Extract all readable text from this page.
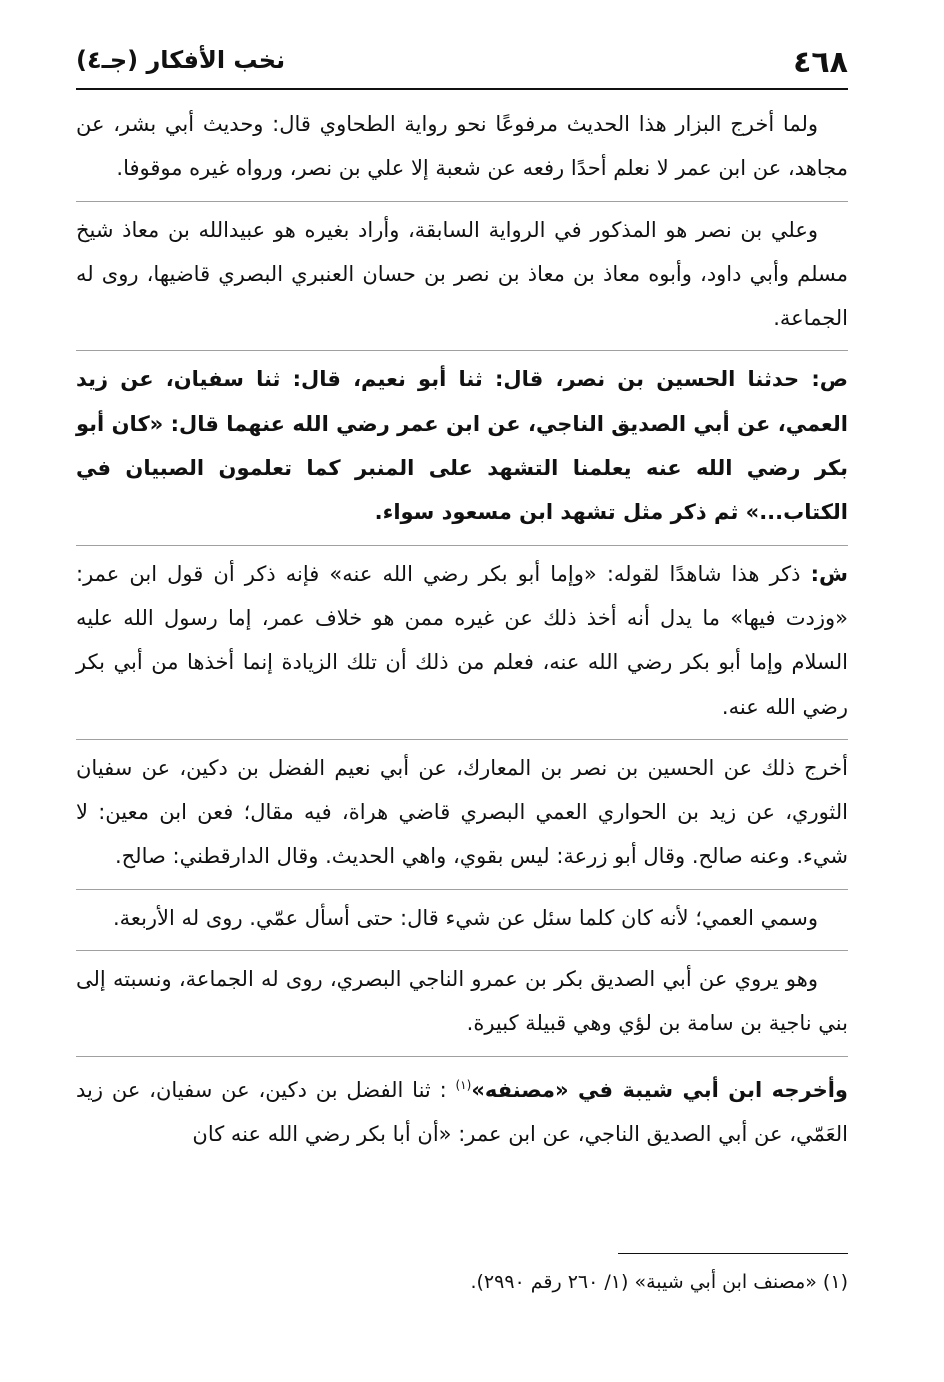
٤٦٨
نخب الأفكار (جـ٤)

ولما أخرج البزار هذا الحديث مرفوعًا نحو رواية الطحاوي قال: وحديث أبي بشر، عن مجاهد، عن ابن عمر لا نعلم أحدًا رفعه عن شعبة إلا علي بن نصر، ورواه غيره موقوفا.

وعلي بن نصر هو المذكور في الرواية السابقة، وأراد بغيره هو عبيدالله بن معاذ شيخ مسلم وأبي داود، وأبوه معاذ بن معاذ بن نصر بن حسان العنبري البصري قاضيها، روى له الجماعة.

ص: حدثنا الحسين بن نصر، قال: ثنا أبو نعيم، قال: ثنا سفيان، عن زيد العمي، عن أبي الصديق الناجي، عن ابن عمر رضي الله عنهما قال: «كان أبو بكر رضي الله عنه يعلمنا التشهد على المنبر كما تعلمون الصبيان في الكتاب...» ثم ذكر مثل تشهد ابن مسعود سواء.

ش: ذكر هذا شاهدًا لقوله: «وإما أبو بكر رضي الله عنه» فإنه ذكر أن قول ابن عمر: «وزدت فيها» ما يدل أنه أخذ ذلك عن غيره ممن هو خلاف عمر، إما رسول الله عليه السلام وإما أبو بكر رضي الله عنه، فعلم من ذلك أن تلك الزيادة إنما أخذها من أبي بكر رضي الله عنه.

أخرج ذلك عن الحسين بن نصر بن المعارك، عن أبي نعيم الفضل بن دكين، عن سفيان الثوري، عن زيد بن الحواري العمي البصري قاضي هراة، فيه مقال؛ فعن ابن معين: لا شيء. وعنه صالح. وقال أبو زرعة: ليس بقوي، واهي الحديث. وقال الدارقطني: صالح.

وسمي العمي؛ لأنه كان كلما سئل عن شيء قال: حتى أسأل عمّي. روى له الأربعة.

وهو يروي عن أبي الصديق بكر بن عمرو الناجي البصري، روى له الجماعة، ونسبته إلى بني ناجية بن سامة بن لؤي وهي قبيلة كبيرة.

وأخرجه ابن أبي شيبة في «مصنفه»$^{(١)}$ : ثنا الفضل بن دكين، عن سفيان، عن زيد العَمّي، عن أبي الصديق الناجي، عن ابن عمر: «أن أبا بكر رضي الله عنه كان

(١) «مصنف ابن أبي شيبة» (١/ ٢٦٠ رقم ٢٩٩٠).
